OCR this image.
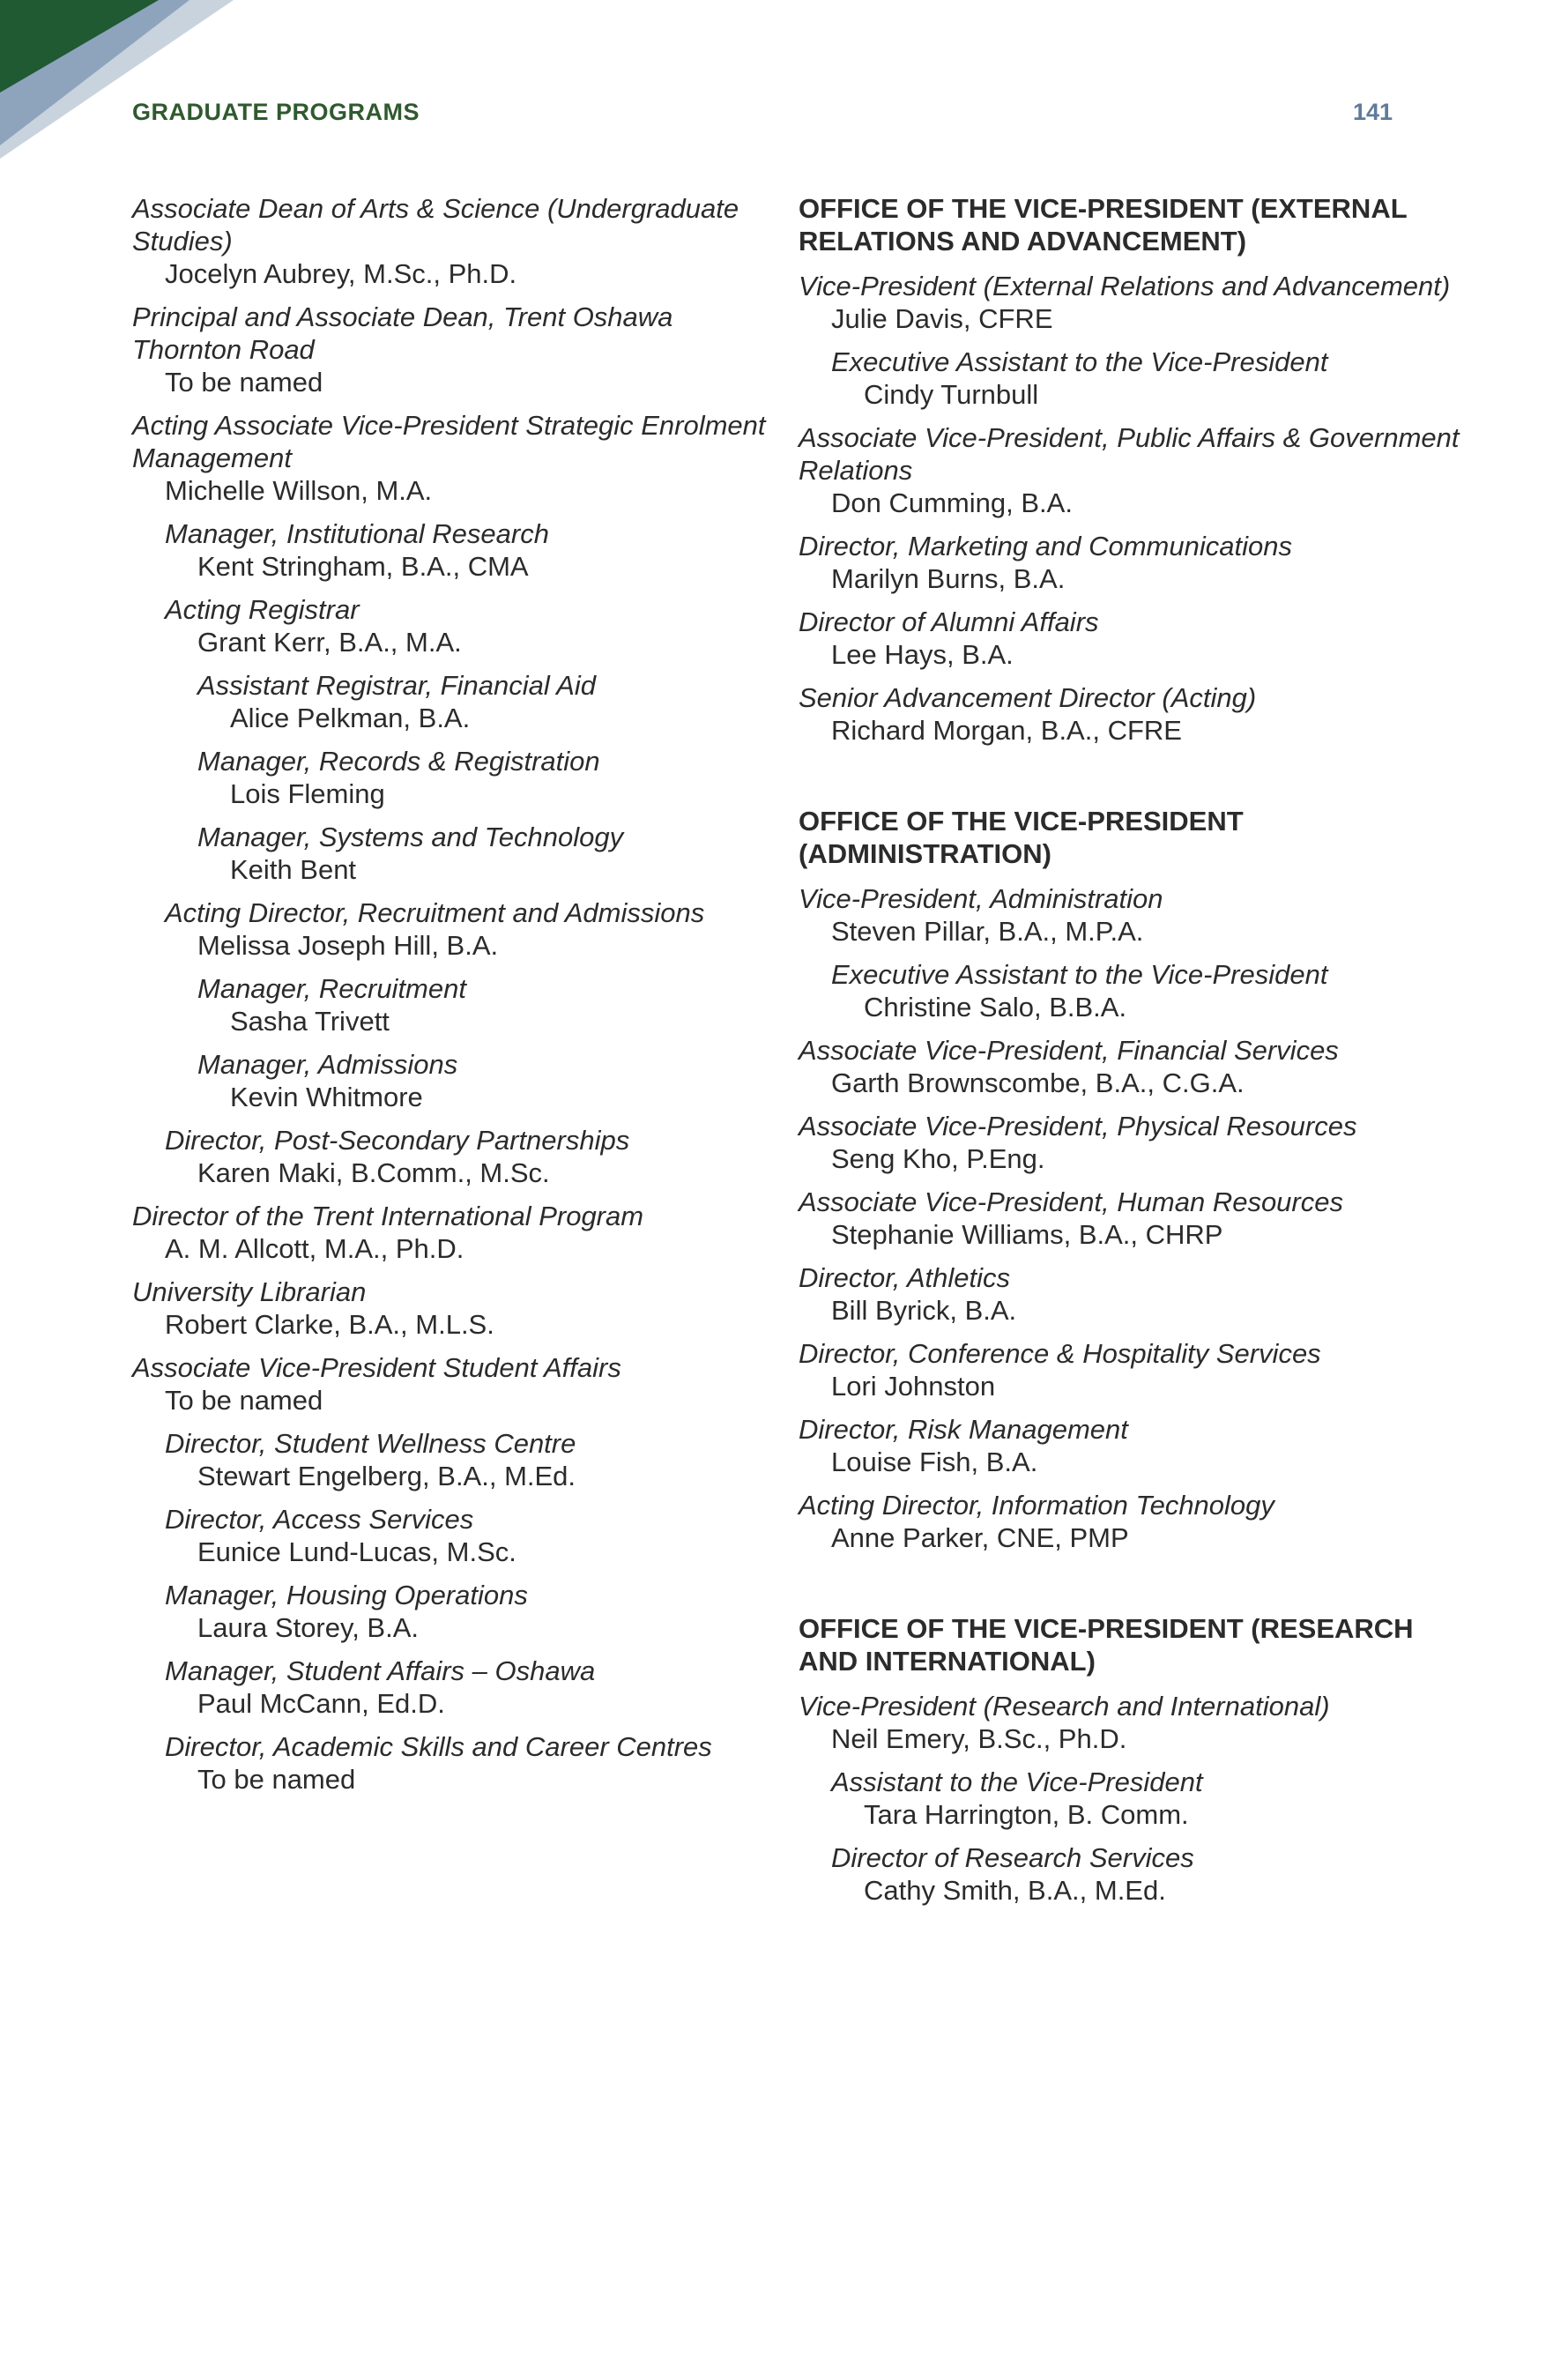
GRADUATE PROGRAMS	141
Associate Dean of Arts & Science (Undergraduate Studies)
Jocelyn Aubrey, M.Sc., Ph.D.
Principal and Associate Dean, Trent Oshawa Thornton Road
To be named
Acting Associate Vice-President Strategic Enrolment Management
Michelle Willson, M.A.
Manager, Institutional Research
Kent Stringham, B.A., CMA
Acting Registrar
Grant Kerr, B.A., M.A.
Assistant Registrar, Financial Aid
Alice Pelkman, B.A.
Manager, Records & Registration
Lois Fleming
Manager, Systems and Technology
Keith Bent
Acting Director, Recruitment and Admissions
Melissa Joseph Hill, B.A.
Manager, Recruitment
Sasha Trivett
Manager, Admissions
Kevin Whitmore
Director, Post-Secondary Partnerships
Karen Maki, B.Comm., M.Sc.
Director of the Trent International Program
A. M. Allcott, M.A., Ph.D.
University Librarian
Robert Clarke, B.A., M.L.S.
Associate Vice-President Student Affairs
To be named
Director, Student Wellness Centre
Stewart Engelberg, B.A., M.Ed.
Director, Access Services
Eunice Lund-Lucas, M.Sc.
Manager, Housing Operations
Laura Storey, B.A.
Manager, Student Affairs – Oshawa
Paul McCann, Ed.D.
Director, Academic Skills and Career Centres
To be named
OFFICE OF THE VICE-PRESIDENT (EXTERNAL RELATIONS AND ADVANCEMENT)
Vice-President (External Relations and Advancement)
Julie Davis, CFRE
Executive Assistant to the Vice-President
Cindy Turnbull
Associate Vice-President, Public Affairs & Government Relations
Don Cumming, B.A.
Director, Marketing and Communications
Marilyn Burns, B.A.
Director of Alumni Affairs
Lee Hays, B.A.
Senior Advancement Director (Acting)
Richard Morgan, B.A., CFRE
OFFICE OF THE VICE-PRESIDENT (ADMINISTRATION)
Vice-President, Administration
Steven Pillar, B.A., M.P.A.
Executive Assistant to the Vice-President
Christine Salo, B.B.A.
Associate Vice-President, Financial Services
Garth Brownscombe, B.A., C.G.A.
Associate Vice-President, Physical Resources
Seng Kho, P.Eng.
Associate Vice-President, Human Resources
Stephanie Williams, B.A., CHRP
Director, Athletics
Bill Byrick, B.A.
Director, Conference & Hospitality Services
Lori Johnston
Director, Risk Management
Louise Fish, B.A.
Acting Director, Information Technology
Anne Parker, CNE, PMP
OFFICE OF THE VICE-PRESIDENT (RESEARCH AND INTERNATIONAL)
Vice-President (Research and International)
Neil Emery, B.Sc., Ph.D.
Assistant to the Vice-President
Tara Harrington, B. Comm.
Director of Research Services
Cathy Smith, B.A., M.Ed.
